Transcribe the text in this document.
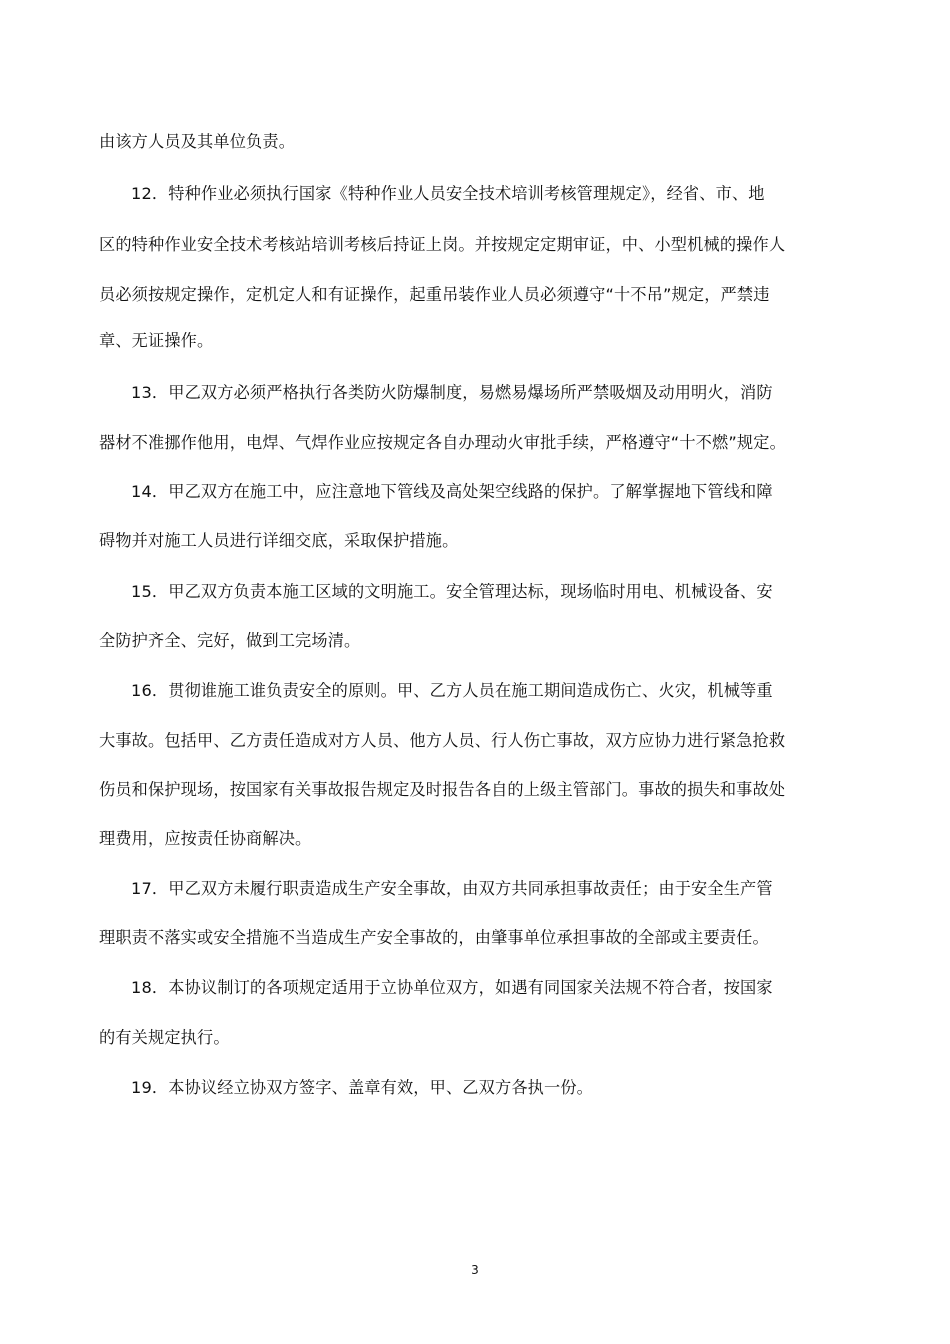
由该方人员及其单位负责。
12．特种作业必须执行国家《特种作业人员安全技术培训考核管理规定》，经省、市、地
区的特种作业安全技术考核站培训考核后持证上岗。并按规定定期审证，中、小型机械的操作人
员必须按规定操作，定机定人和有证操作，起重吊装作业人员必须遵守“十不吊”规定，严禁违
章、无证操作。
13．甲乙双方必须严格执行各类防火防爆制度，易燃易爆场所严禁吸烟及动用明火，消防
器材不准挪作他用，电焊、气焊作业应按规定各自办理动火审批手续，严格遵守“十不燃”规定。
14．甲乙双方在施工中，应注意地下管线及高处架空线路的保护。了解掌握地下管线和障
碍物并对施工人员进行详细交底，采取保护措施。
15．甲乙双方负责本施工区域的文明施工。安全管理达标，现场临时用电、机械设备、安
全防护齐全、完好，做到工完场清。
16．贯彻谁施工谁负责安全的原则。甲、乙方人员在施工期间造成伤亡、火灾，机械等重
大事故。包括甲、乙方责任造成对方人员、他方人员、行人伤亡事故，双方应协力进行紧急抢救
伤员和保护现场，按国家有关事故报告规定及时报告各自的上级主管部门。事故的损失和事故处
理费用，应按责任协商解决。
17．甲乙双方未履行职责造成生产安全事故，由双方共同承担事故责任；由于安全生产管
理职责不落实或安全措施不当造成生产安全事故的，由肇事单位承担事故的全部或主要责任。
18．本协议制订的各项规定适用于立协单位双方，如遇有同国家关法规不符合者，按国家
的有关规定执行。
19．本协议经立协双方签字、盖章有效，甲、乙双方各执一份。
3
